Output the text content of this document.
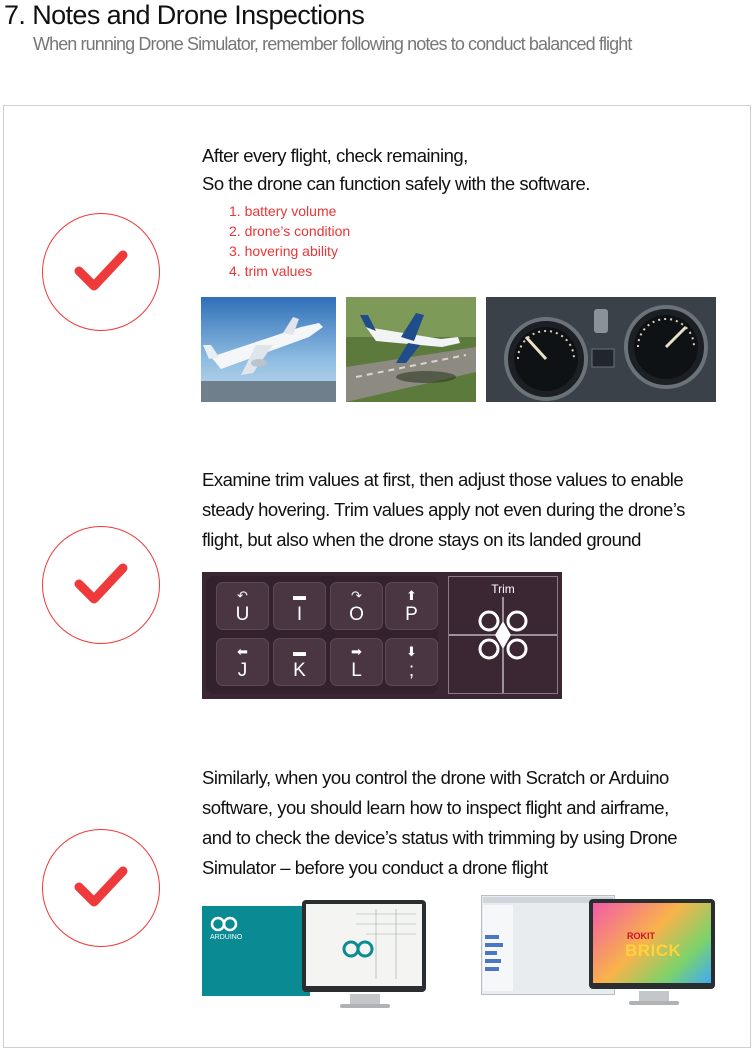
7. Notes and Drone Inspections
When running Drone Simulator, remember following notes to conduct balanced flight
After every flight, check remaining,
So the drone can function safely with the software.
1. battery volume
2. drone’s condition
3. hovering ability
4. trim values
Examine trim values at first, then adjust those values to enable
steady hovering. Trim values apply not even during the drone’s
flight, but also when the drone stays on its landed ground
↶
U
▬
I
↷
O
⬆
P
⬅
J
▬
K
➡
L
⬇
;
Trim
Similarly, when you control the drone with Scratch or Arduino
software, you should learn how to inspect flight and airframe,
and to check the device’s status with trimming by using Drone
Simulator – before you conduct a drone flight
ARDUINO	ROKIT
BRICK
